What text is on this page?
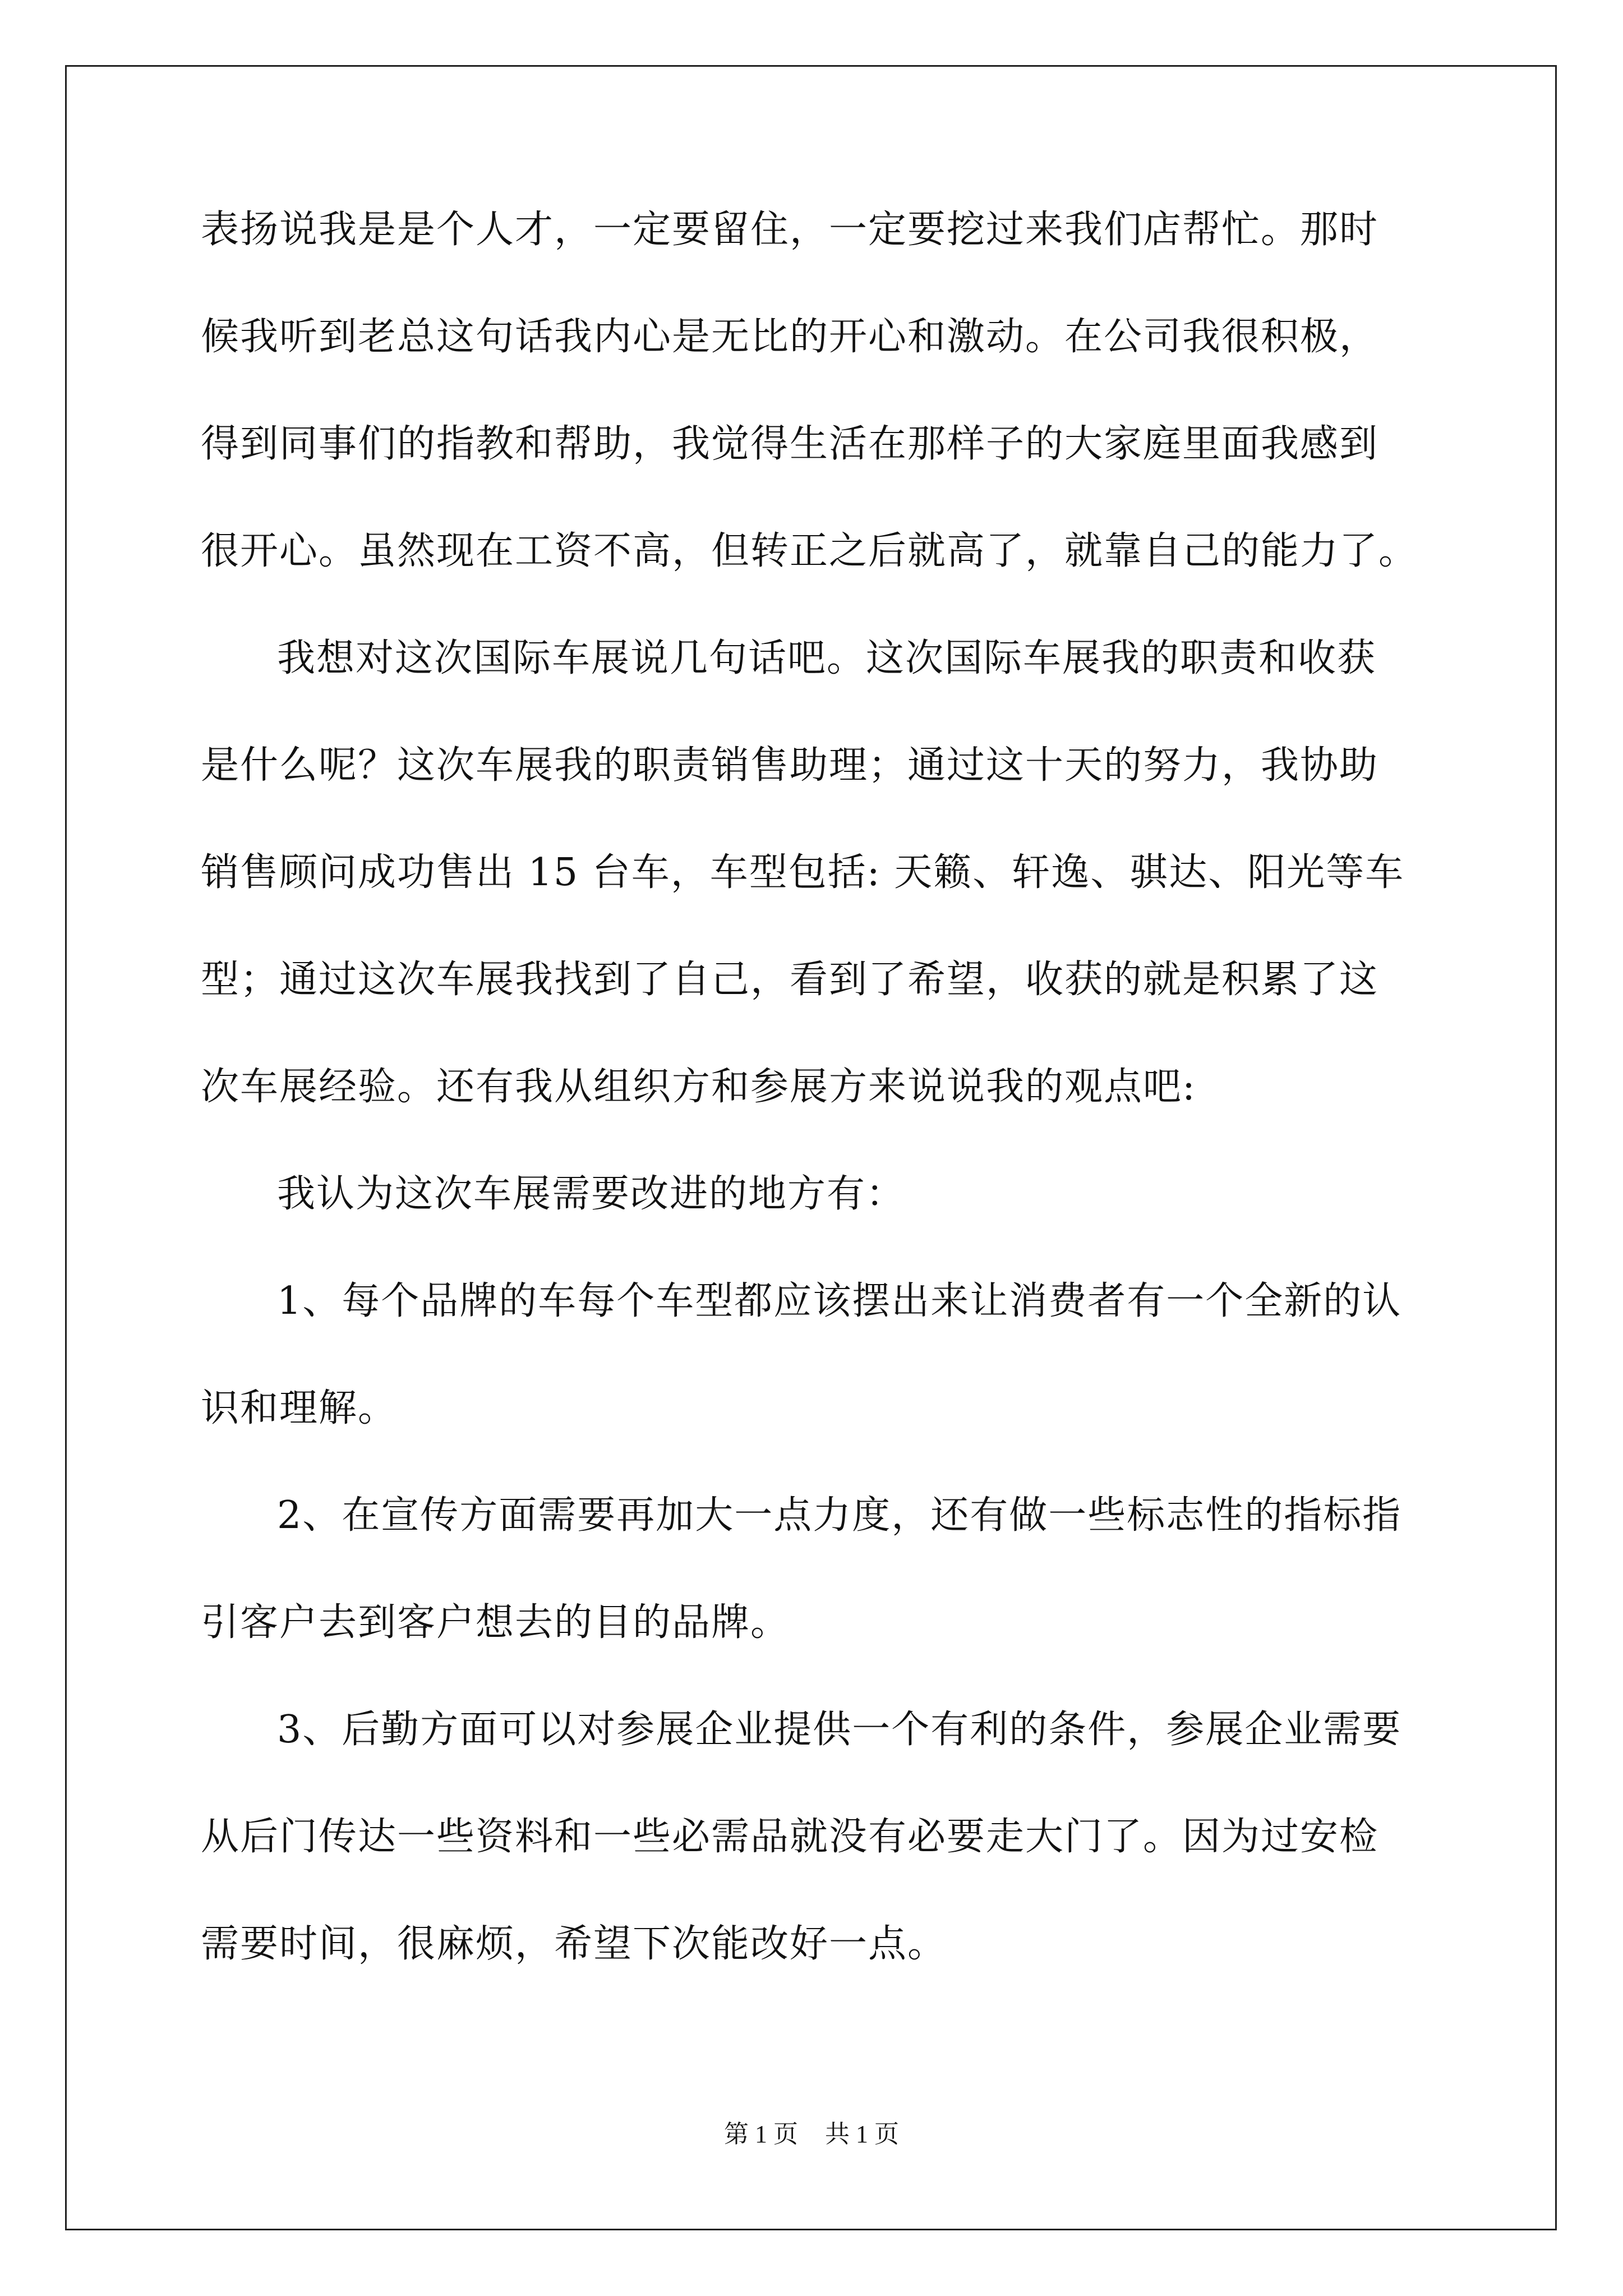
表扬说我是是个人才，一定要留住，一定要挖过来我们店帮忙。那时
候我听到老总这句话我内心是无比的开心和激动。在公司我很积极，
得到同事们的指教和帮助，我觉得生活在那样子的大家庭里面我感到
很开心。虽然现在工资不高，但转正之后就高了，就靠自己的能力了。
我想对这次国际车展说几句话吧。这次国际车展我的职责和收获
是什么呢？这次车展我的职责销售助理；通过这十天的努力，我协助
销售顾问成功售出 15 台车，车型包括: 天籁、轩逸、骐达、阳光等车
型；通过这次车展我找到了自己，看到了希望，收获的就是积累了这
次车展经验。还有我从组织方和参展方来说说我的观点吧:
我认为这次车展需要改进的地方有：
1、每个品牌的车每个车型都应该摆出来让消费者有一个全新的认
识和理解。
2、在宣传方面需要再加大一点力度，还有做一些标志性的指标指
引客户去到客户想去的目的品牌。
3、后勤方面可以对参展企业提供一个有利的条件，参展企业需要
从后门传达一些资料和一些必需品就没有必要走大门了。因为过安检
需要时间，很麻烦，希望下次能改好一点。
第 1 页 共 1 页
